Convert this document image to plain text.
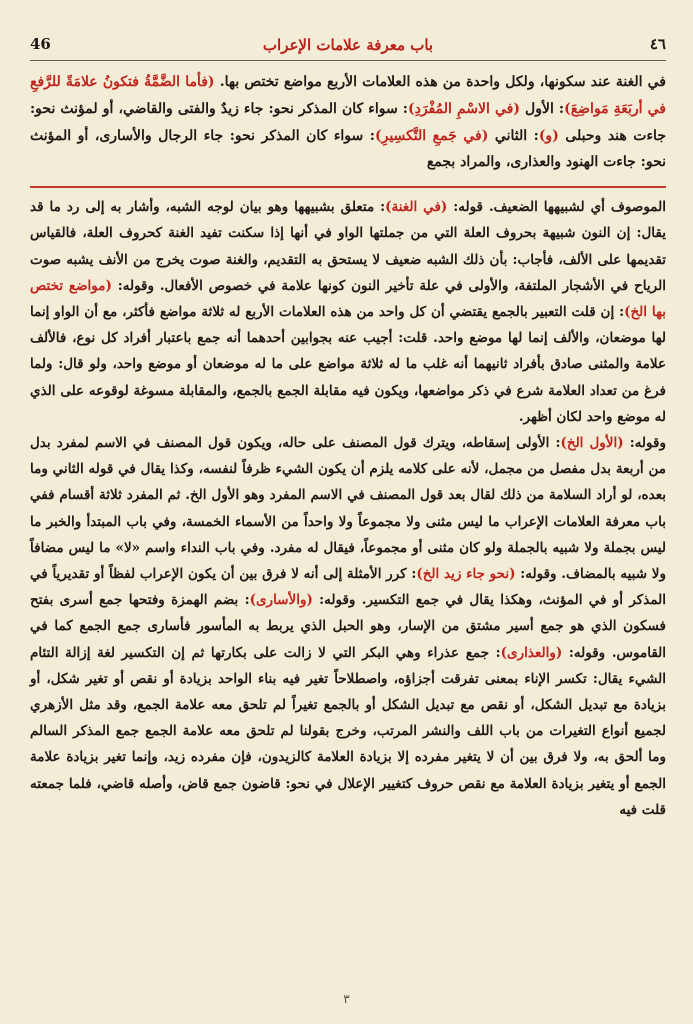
٤٦
باب معرفة علامات الإعراب
46

في الغنة عند سكونها، ولكل واحدة من هذه العلامات الأربع مواضع تختص بها. (فأما الضَّمَّةُ فتكونُ علامَةً للرَّفعِ في أربَعَةِ مَواضِعَ): الأول (في الاسْمِ المُفْرَدِ): سواء كان المذكر نحو: جاء زيدٌ والفتى والقاضي، أو لمؤنث نحو: جاءت هند وحبلى (و): الثاني (في جَمعِ التَّكسِيرِ): سواء كان المذكر نحو: جاء الرجال والأسارى، أو المؤنث نحو: جاءت الهنود والعذارى، والمراد بجمع

الموصوف أي لشبيهها الضعيف. قوله: (في الغنة): متعلق بشبيهها وهو بيان لوجه الشبه، وأشار به إلى رد ما قد يقال: إن النون شبيهة بحروف العلة التي من جملتها الواو في أنها إذا سكنت تفيد الغنة كحروف العلة، فالقياس تقديمها على الألف، فأجاب: بأن ذلك الشبه ضعيف لا يستحق به التقديم، والغنة صوت يخرج من الأنف يشبه صوت الرياح في الأشجار الملتفة، والأولى في علة تأخير النون كونها علامة في خصوص الأفعال. وقوله: (مواضع تختص بها الخ): إن قلت التعبير بالجمع يقتضي أن كل واحد من هذه العلامات الأربع له ثلاثة مواضع فأكثر، مع أن الواو إنما لها موضعان، والألف إنما لها موضع واحد. قلت: أجيب عنه بجوابين أحدهما أنه جمع باعتبار أفراد كل نوع، فالألف علامة والمثنى صادق بأفراد ثانيهما أنه غلب ما له ثلاثة مواضع على ما له موضعان أو موضع واحد، ولو قال: ولما فرغ من تعداد العلامة شرع في ذكر مواضعها، ويكون فيه مقابلة الجمع بالجمع، والمقابلة مسوغة لوقوعه على الذي له موضع واحد لكان أظهر.

وقوله: (الأول الخ): الأولى إسقاطه، ويترك قول المصنف على حاله، ويكون قول المصنف في الاسم لمفرد بدل من أربعة بدل مفصل من مجمل، لأنه على كلامه يلزم أن يكون الشيء ظرفاً لنفسه، وكذا يقال في قوله الثاني وما بعده، لو أراد السلامة من ذلك لقال بعد قول المصنف في الاسم المفرد وهو الأول الخ. ثم المفرد ثلاثة أقسام ففي باب معرفة العلامات الإعراب ما ليس مثنى ولا مجموعاً ولا واحداً من الأسماء الخمسة، وفي باب المبتدأ والخبر ما ليس بجملة ولا شبيه بالجملة ولو كان مثنى أو مجموعاً، فيقال له مفرد. وفي باب النداء واسم «لا» ما ليس مضافاً ولا شبيه بالمضاف. وقوله: (نحو جاء زيد الخ): كرر الأمثلة إلى أنه لا فرق بين أن يكون الإعراب لفظاً أو تقديرياً في المذكر أو في المؤنث، وهكذا يقال في جمع التكسير. وقوله: (والأسارى): بضم الهمزة وفتحها جمع أسرى بفتح فسكون الذي هو جمع أسير مشتق من الإسار، وهو الحبل الذي يربط به المأسور فأسارى جمع الجمع كما في القاموس. وقوله: (والعذارى): جمع عذراء وهي البكر التي لا زالت على بكارتها ثم إن التكسير لغة إزالة التئام الشيء يقال: تكسر الإناء بمعنى تفرقت أجزاؤه، واصطلاحاً تغير فيه بناء الواحد بزيادة أو نقص أو تغير شكل، أو بزيادة مع تبديل الشكل، أو نقص مع تبديل الشكل أو بالجمع تغيراً لم تلحق معه علامة الجمع، وقد مثل الأزهري لجميع أنواع التغيرات من باب اللف والنشر المرتب، وخرج بقولنا لم تلحق معه علامة الجمع جمع المذكر السالم وما ألحق به، ولا فرق بين أن لا يتغير مفرده إلا بزيادة العلامة كالزيدون، فإن مفرده زيد، وإنما تغير بزيادة علامة الجمع أو يتغير بزيادة العلامة مع نقص حروف كتغيير الإعلال في نحو: قاضون جمع قاض، وأصله قاضي، فلما جمعته قلت فيه

٣
